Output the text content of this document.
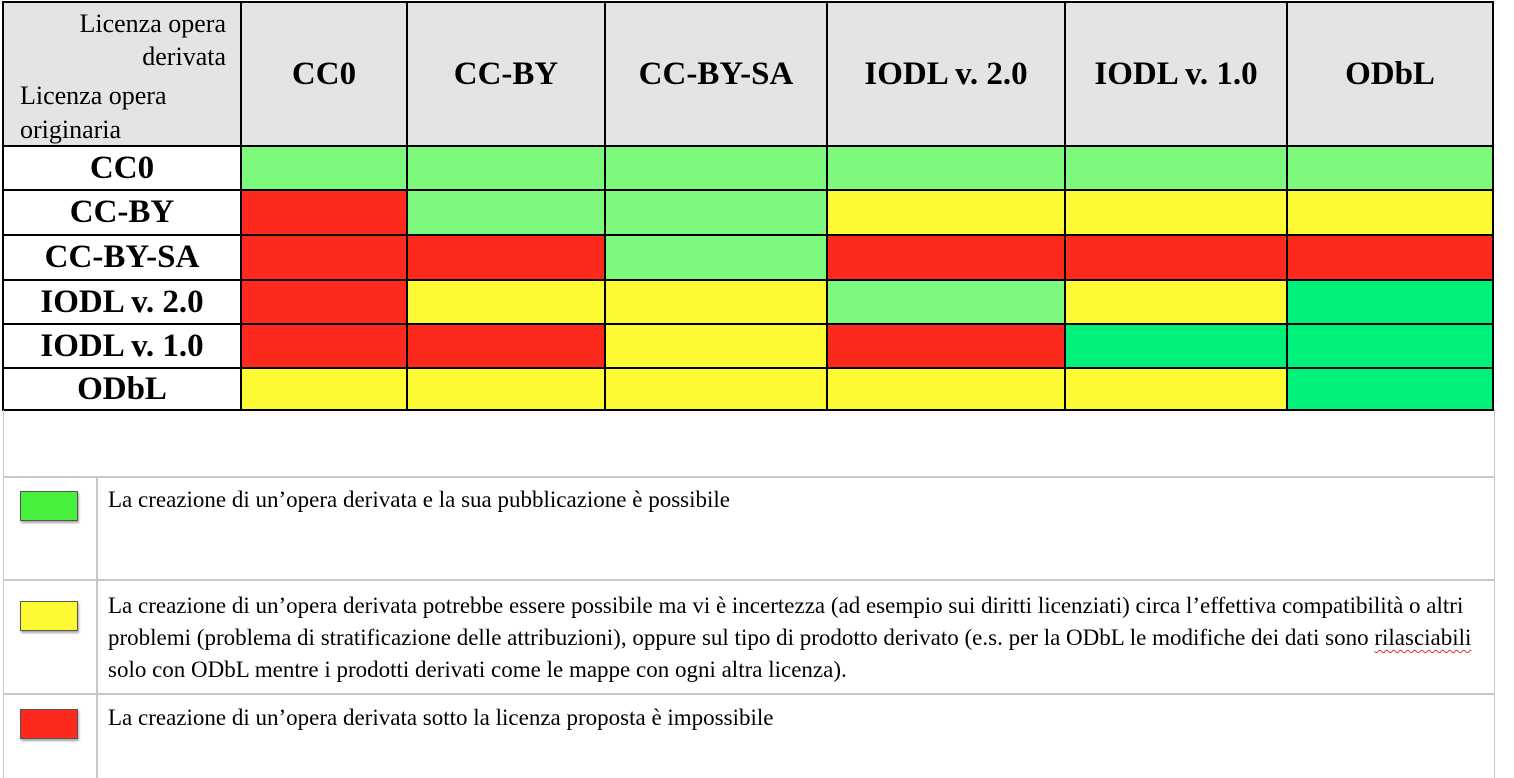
Licenza opera derivata
Licenza opera originaria	CC0	CC-BY	CC-BY-SA	IODL v. 2.0	IODL v. 1.0	ODbL
CC0						
CC-BY						
CC-BY-SA						
IODL v. 2.0						
IODL v. 1.0						
ODbL						
La creazione di un’opera derivata e la sua pubblicazione è possibile
La creazione di un’opera derivata potrebbe essere possibile ma vi è incertezza (ad esempio sui diritti licenziati) circa l’effettiva compatibilità o altri problemi (problema di stratificazione delle attribuzioni), oppure sul tipo di prodotto derivato (e.s. per la ODbL le modifiche dei dati sono rilasciabili solo con ODbL mentre i prodotti derivati come le mappe con ogni altra licenza).
La creazione di un’opera derivata sotto la licenza proposta è impossibile
